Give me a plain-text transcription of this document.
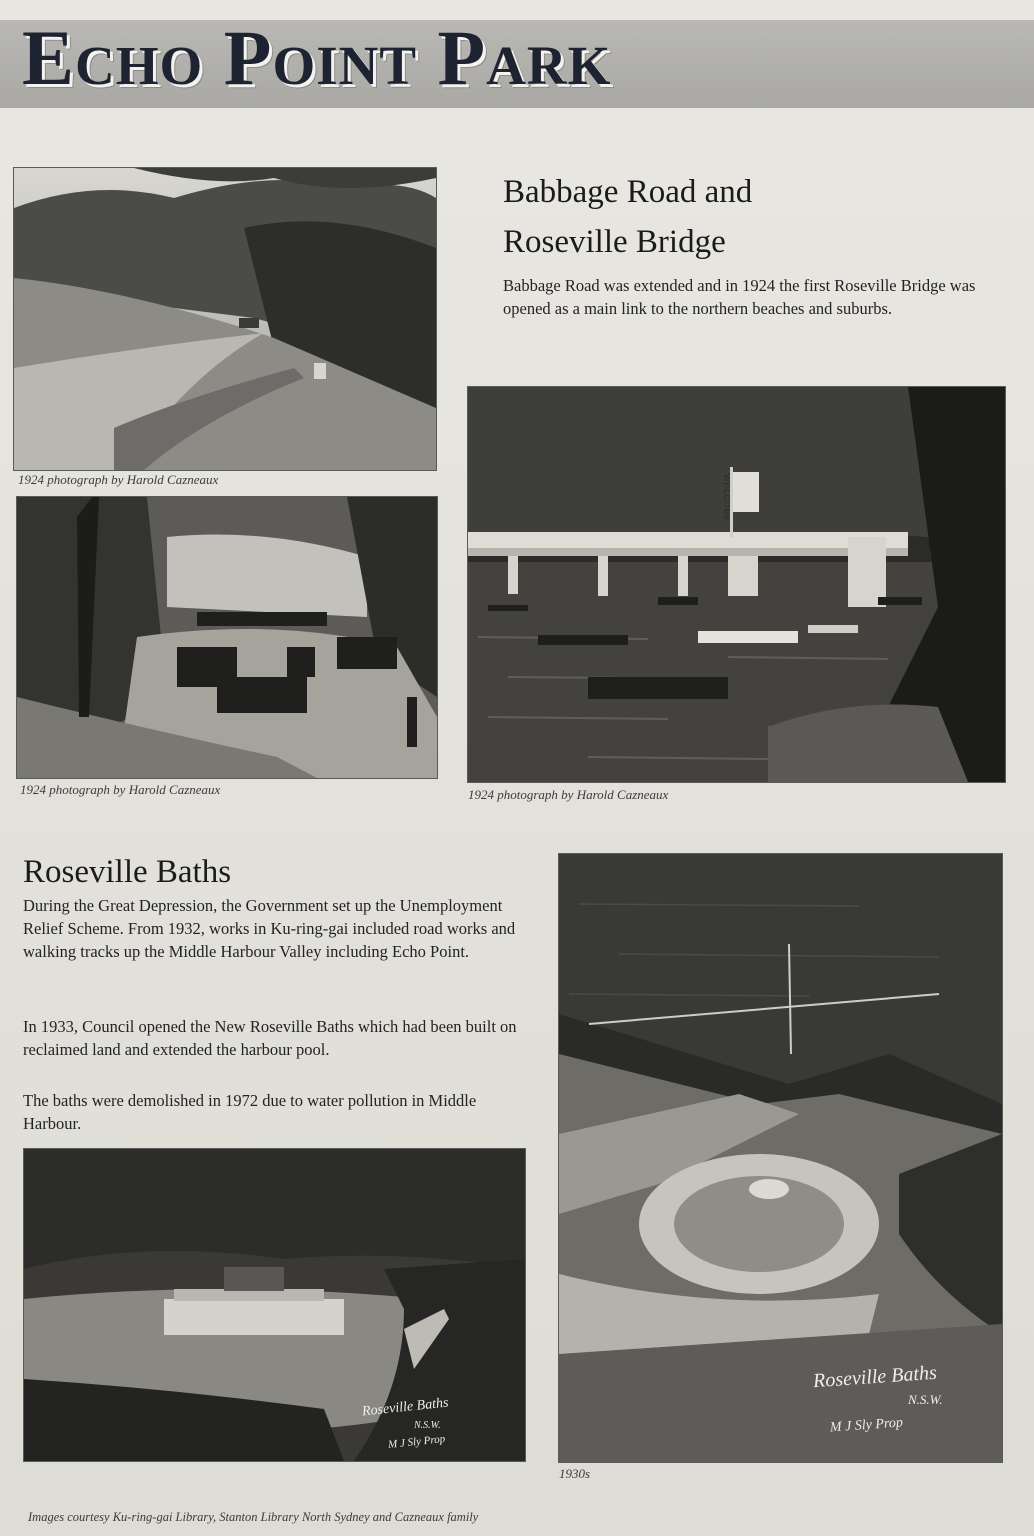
Echo Point Park
1924 photograph by Harold Cazneaux
1924 photograph by Harold Cazneaux
Babbage Road and
Roseville Bridge
Babbage Road was extended and in 1924 the first Roseville Bridge was opened as a main link to the northern beaches and suburbs.
1924 photograph by Harold Cazneaux
Roseville Baths
During the Great Depression, the Government set up the Unemployment Relief Scheme. From 1932, works in Ku-ring-gai included road works and walking tracks up the Middle Harbour Valley including Echo Point.
In 1933, Council opened the New Roseville Baths which had been built on reclaimed land and extended the harbour pool.
The baths were demolished in 1972 due to water pollution in Middle Harbour.
1930s
WELCOME
Roseville Baths
N.S.W.
M J Sly Prop
Roseville Baths
N.S.W.
M J Sly Prop
Images courtesy Ku-ring-gai Library, Stanton Library North Sydney and Cazneaux family
